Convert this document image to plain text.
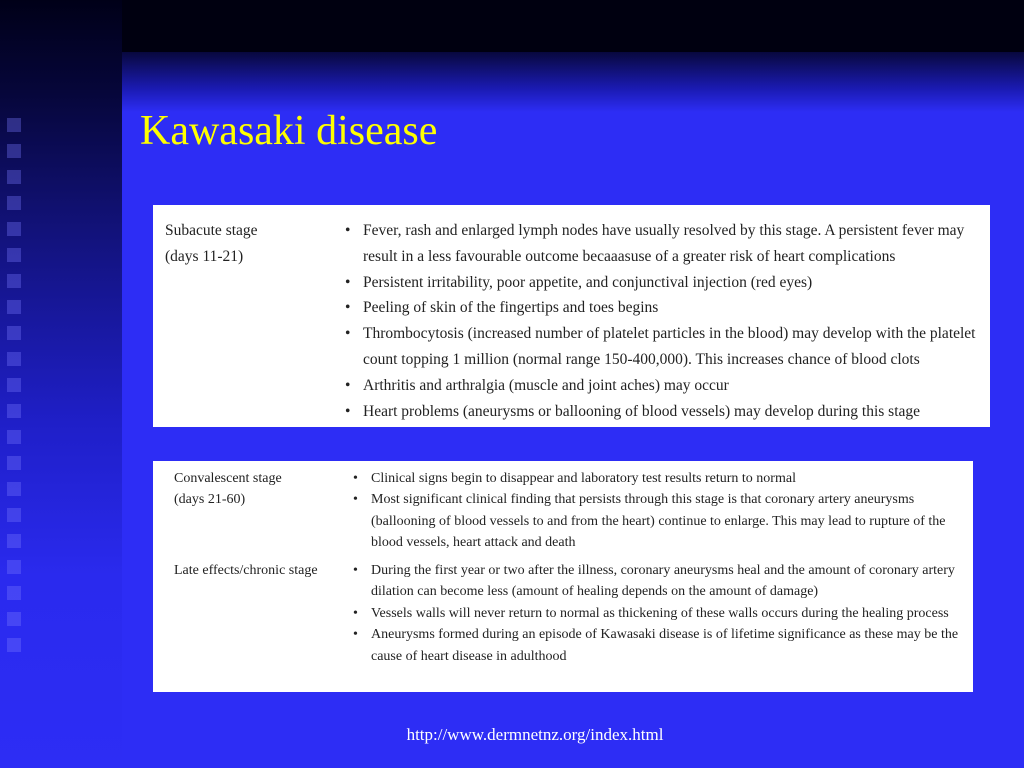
Kawasaki disease
Subacute stage
(days 11-21)
• Fever, rash and enlarged lymph nodes have usually resolved by this stage. A persistent fever may result in a less favourable outcome becaaasuse of a greater risk of heart complications
• Persistent irritability, poor appetite, and conjunctival injection (red eyes)
• Peeling of skin of the fingertips and toes begins
• Thrombocytosis (increased number of platelet particles in the blood) may develop with the platelet count topping 1 million (normal range 150-400,000). This increases chance of blood clots
• Arthritis and arthralgia (muscle and joint aches) may occur
• Heart problems (aneurysms or ballooning of blood vessels) may develop during this stage
Convalescent stage
(days 21-60)
• Clinical signs begin to disappear and laboratory test results return to normal
• Most significant clinical finding that persists through this stage is that coronary artery aneurysms (ballooning of blood vessels to and from the heart) continue to enlarge. This may lead to rupture of the blood vessels, heart attack and death
Late effects/chronic stage	• During the first year or two after the illness, coronary aneurysms heal and the amount of coronary artery dilation can become less (amount of healing depends on the amount of damage)
• Vessels walls will never return to normal as thickening of these walls occurs during the healing process
• Aneurysms formed during an episode of Kawasaki disease is of lifetime significance as these may be the cause of heart disease in adulthood
http://www.dermnetnz.org/index.html
